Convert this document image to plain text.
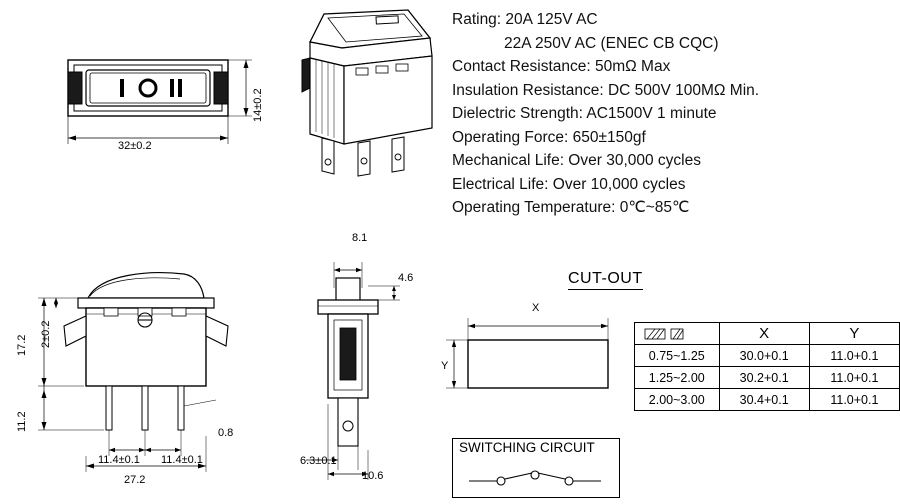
Rating: 20A 125V AC
22A 250V AC (ENEC CB CQC)
Contact Resistance: 50mΩ Max
Insulation Resistance: DC 500V 100MΩ Min.
Dielectric Strength: AC1500V 1 minute
Operating Force: 650±150gf
Mechanical Life: Over 30,000 cycles
Electrical Life: Over 10,000 cycles
Operating Temperature: 0℃~85℃
32±0.2
14±0.2
17.2 2±0.2
11.2
11.4±0.1 11.4±0.1
0.8
27.2
8.1
4.6
6.3±0.1
10.6
X
Y
CUT-OUT
	X	Y
0.75~1.25	30.0+0.1	11.0+0.1
1.25~2.00	30.2+0.1	11.0+0.1
2.00~3.00	30.4+0.1	11.0+0.1
SWITCHING CIRCUIT
